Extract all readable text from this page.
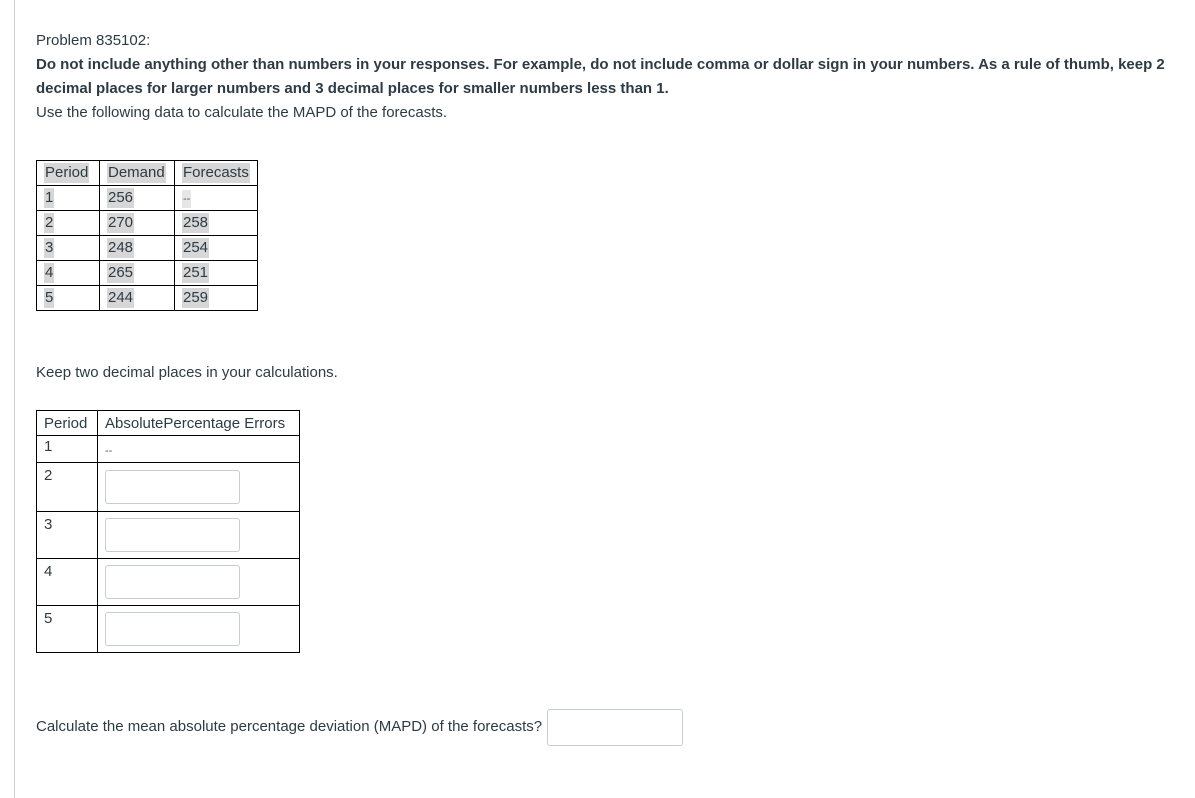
Problem 835102:

Do not include anything other than numbers in your responses. For example, do not include comma or dollar sign in your numbers. As a rule of thumb, keep 2 decimal places for larger numbers and 3 decimal places for smaller numbers less than 1.

Use the following data to calculate the MAPD of the forecasts.

Period	Demand	Forecasts
1	256	--
2	270	258
3	248	254
4	265	251
5	244	259

Keep two decimal places in your calculations.

Period	AbsolutePercentage Errors
1	--
2	

3	

4	

5	
Calculate the mean absolute percentage deviation (MAPD) of the forecasts?
